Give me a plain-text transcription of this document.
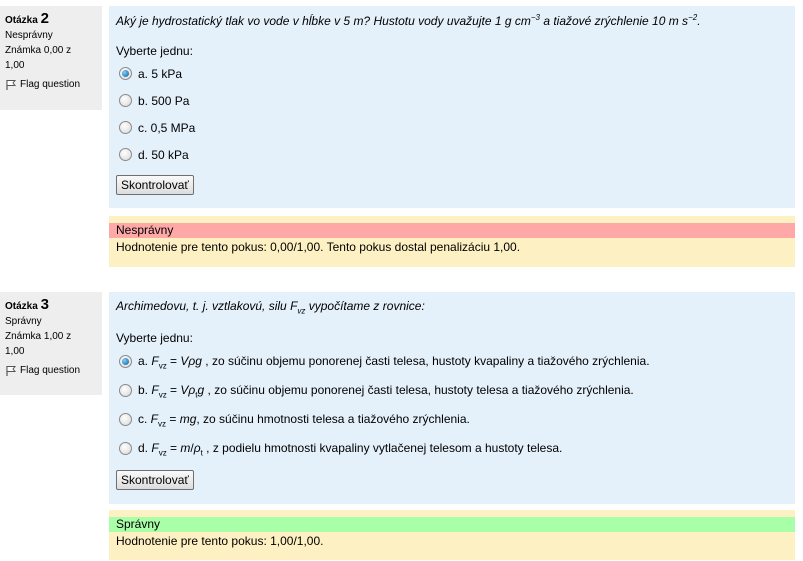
Otázka 2
Nesprávny
Známka 0,00 z
1,00
Flag question
Aký je hydrostatický tlak vo vode v hĺbke v 5 m? Hustotu vody uvažujte 1 g $cm^{-3}$ a tiažové zrýchlenie 10 m $s^{-2}$.
Vyberte jednu:
a. 5 kPa
b. 500 Pa
c. 0,5 MPa
d. 50 kPa
Skontrolovať
Nesprávny
Hodnotenie pre tento pokus: 0,00/1,00. Tento pokus dostal penalizáciu 1,00.
Otázka 3
Správny
Známka 1,00 z
1,00
Flag question
Archimedovu, t. j. vztlakovú, silu $F_{vz}$ vypočítame z rovnice:
Vyberte jednu:
a. $F_{vz} = V\rho g$ , zo súčinu objemu ponorenej časti telesa, hustoty kvapaliny a tiažového zrýchlenia.
b. $F_{vz} = V\rho_tg$ , zo súčinu objemu ponorenej časti telesa, hustoty telesa a tiažového zrýchlenia.
c. $F_{vz}$ = mg, zo súčinu hmotnosti telesa a tiažového zrýchlenia.
d. $F_{vz} = m/\rho_t$ , z podielu hmotnosti kvapaliny vytlačenej telesom a hustoty telesa.
Skontrolovať
Správny
Hodnotenie pre tento pokus: 1,00/1,00.
